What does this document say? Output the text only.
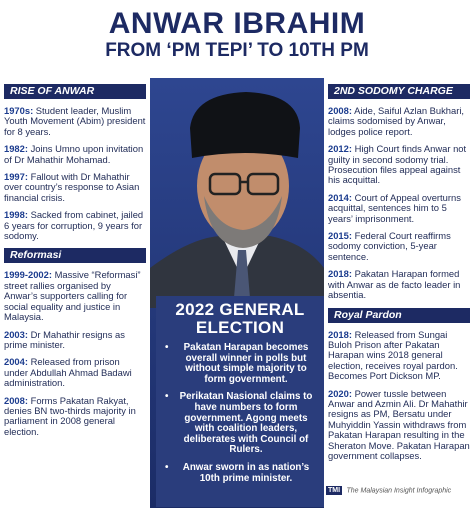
ANWAR IBRAHIM
FROM ‘PM TEPI’ TO 10TH PM
2022 GENERAL
ELECTION
• Pakatan Harapan becomes overall winner in polls but without simple majority to form government.
• Perikatan Nasional claims to have numbers to form government. Agong meets with coalition leaders, deliberates with Council of Rulers.
• Anwar sworn in as nation’s 10th prime minister.
RISE OF ANWAR

1970s: Student leader, Muslim Youth Movement (Abim) president for 8 years.

1982: Joins Umno upon invitation of Dr Mahathir Mohamad.

1997: Fallout with Dr Mahathir over country’s response to Asian financial crisis.

1998: Sacked from cabinet, jailed 6 years for corruption, 9 years for sodomy.

Reformasi

1999-2002: Massive “Reformasi” street rallies organised by Anwar’s supporters calling for social equality and justice in Malaysia.

2003: Dr Mahathir resigns as prime minister.

2004: Released from prison under Abdullah Ahmad Badawi administration.

2008: Forms Pakatan Rakyat, denies BN two-thirds majority in parliament in 2008 general election.

2ND SODOMY CHARGE

2008: Aide, Saiful Azlan Bukhari, claims sodomised by Anwar, lodges police report.

2012: High Court finds Anwar not guilty in second sodomy trial. Prosecution files appeal against his acquittal.

2014: Court of Appeal overturns acquittal, sentences him to 5 years’ imprisonment.

2015: Federal Court reaffirms sodomy conviction, 5-year sentence.

2018: Pakatan Harapan formed with Anwar as de facto leader in absentia.

Royal Pardon

2018: Released from Sungai Buloh Prison after Pakatan Harapan wins 2018 general election, receives royal pardon. Becomes Port Dickson MP.

2020: Power tussle between Anwar and Azmin Ali. Dr Mahathir resigns as PM, Bersatu under Muhyiddin Yassin withdraws from Pakatan Harapan resulting in the Sheraton Move. Pakatan Harapan government collapses.

TMI The Malaysian Insight Infographic
